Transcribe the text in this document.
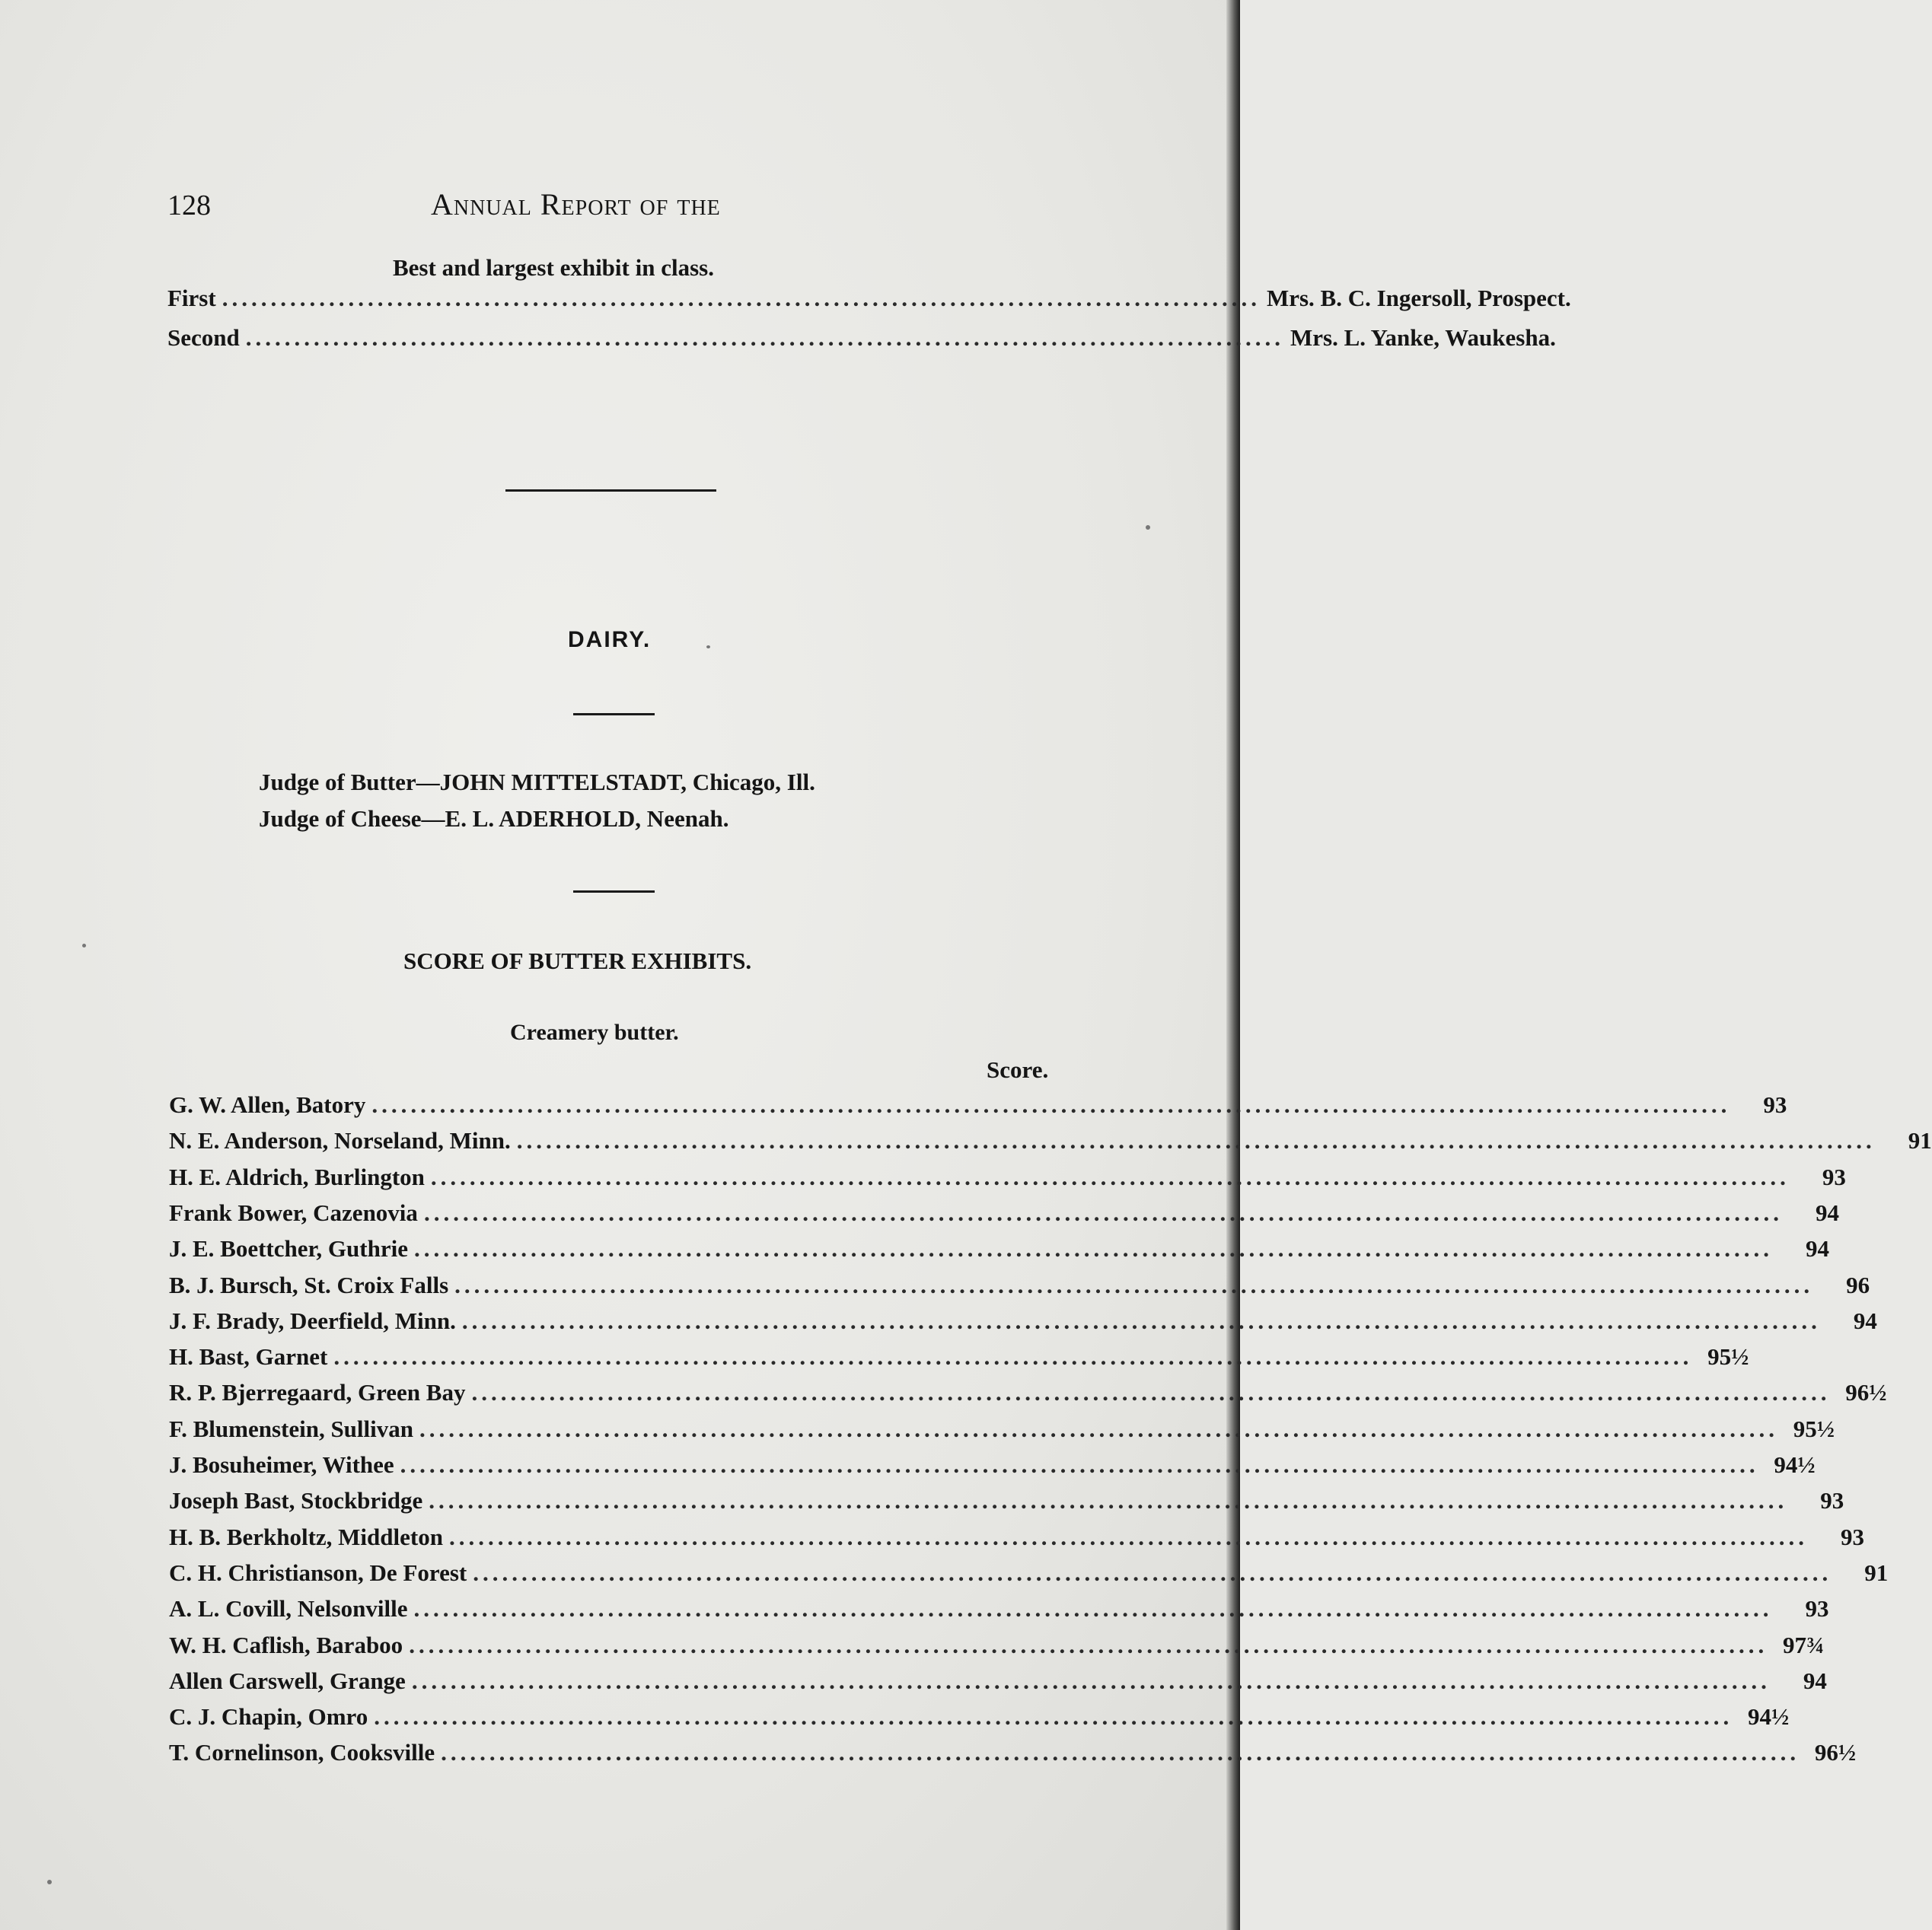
128	Annual Report of the
Best and largest exhibit in class.
First ........................................................................................................... Mrs. B. C. Ingersoll, Prospect.
Second ........................................................................................................... Mrs. L. Yanke, Waukesha.
DAIRY.
Judge of Butter—JOHN MITTELSTADT, Chicago, Ill.
Judge of Cheese—E. L. ADERHOLD, Neenah.
SCORE OF BUTTER EXHIBITS.
Creamery butter.
Score.
G. W. Allen, Batory ............................................................................................................................................	93
N. E. Anderson, Norseland, Minn. ............................................................................................................................................	91
H. E. Aldrich, Burlington ............................................................................................................................................	93
Frank Bower, Cazenovia ............................................................................................................................................	94
J. E. Boettcher, Guthrie ............................................................................................................................................	94
B. J. Bursch, St. Croix Falls ............................................................................................................................................	96
J. F. Brady, Deerfield, Minn. ............................................................................................................................................	94
H. Bast, Garnet ............................................................................................................................................ 95½
R. P. Bjerregaard, Green Bay ............................................................................................................................................ 96½
F. Blumenstein, Sullivan ............................................................................................................................................ 95½
J. Bosuheimer, Withee ............................................................................................................................................ 94½
Joseph Bast, Stockbridge ............................................................................................................................................	93
H. B. Berkholtz, Middleton ............................................................................................................................................	93
C. H. Christianson, De Forest ............................................................................................................................................	91
A. L. Covill, Nelsonville ............................................................................................................................................	93
W. H. Caflish, Baraboo ............................................................................................................................................ 97¾
Allen Carswell, Grange ............................................................................................................................................	94
C. J. Chapin, Omro ............................................................................................................................................ 94½
T. Cornelinson, Cooksville ............................................................................................................................................ 96½
